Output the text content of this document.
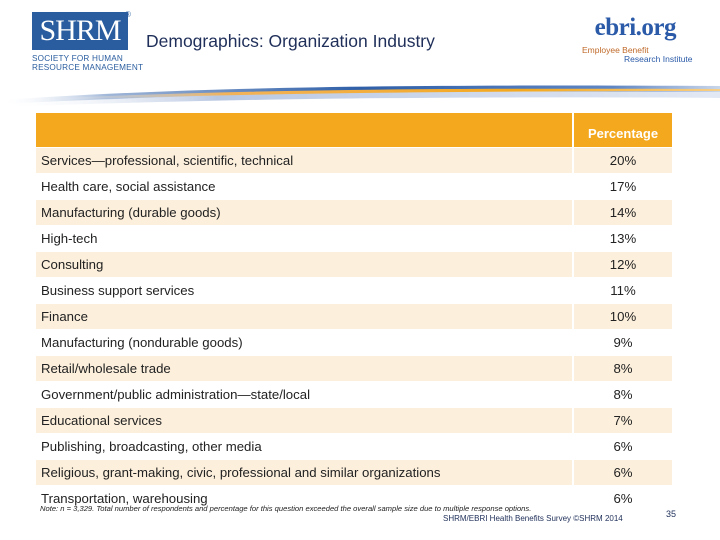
SHRM ®
SOCIETY FOR HUMAN
RESOURCE MANAGEMENT
Demographics: Organization Industry	ebri.org
Employee Benefit
Research Institute
	Percentage
Services—professional, scientific, technical	20%
Health care, social assistance	17%
Manufacturing (durable goods)	14%
High-tech	13%
Consulting	12%
Business support services	11%
Finance	10%
Manufacturing (nondurable goods)	9%
Retail/wholesale trade	8%
Government/public administration—state/local	8%
Educational services	7%
Publishing, broadcasting, other media	6%
Religious, grant-making, civic, professional and similar organizations	6%
Transportation, warehousing	6%
Note: n = 3,329. Total number of respondents and percentage for this question exceeded the overall sample size due to multiple response options.
SHRM/EBRI Health Benefits Survey ©SHRM 2014	35
